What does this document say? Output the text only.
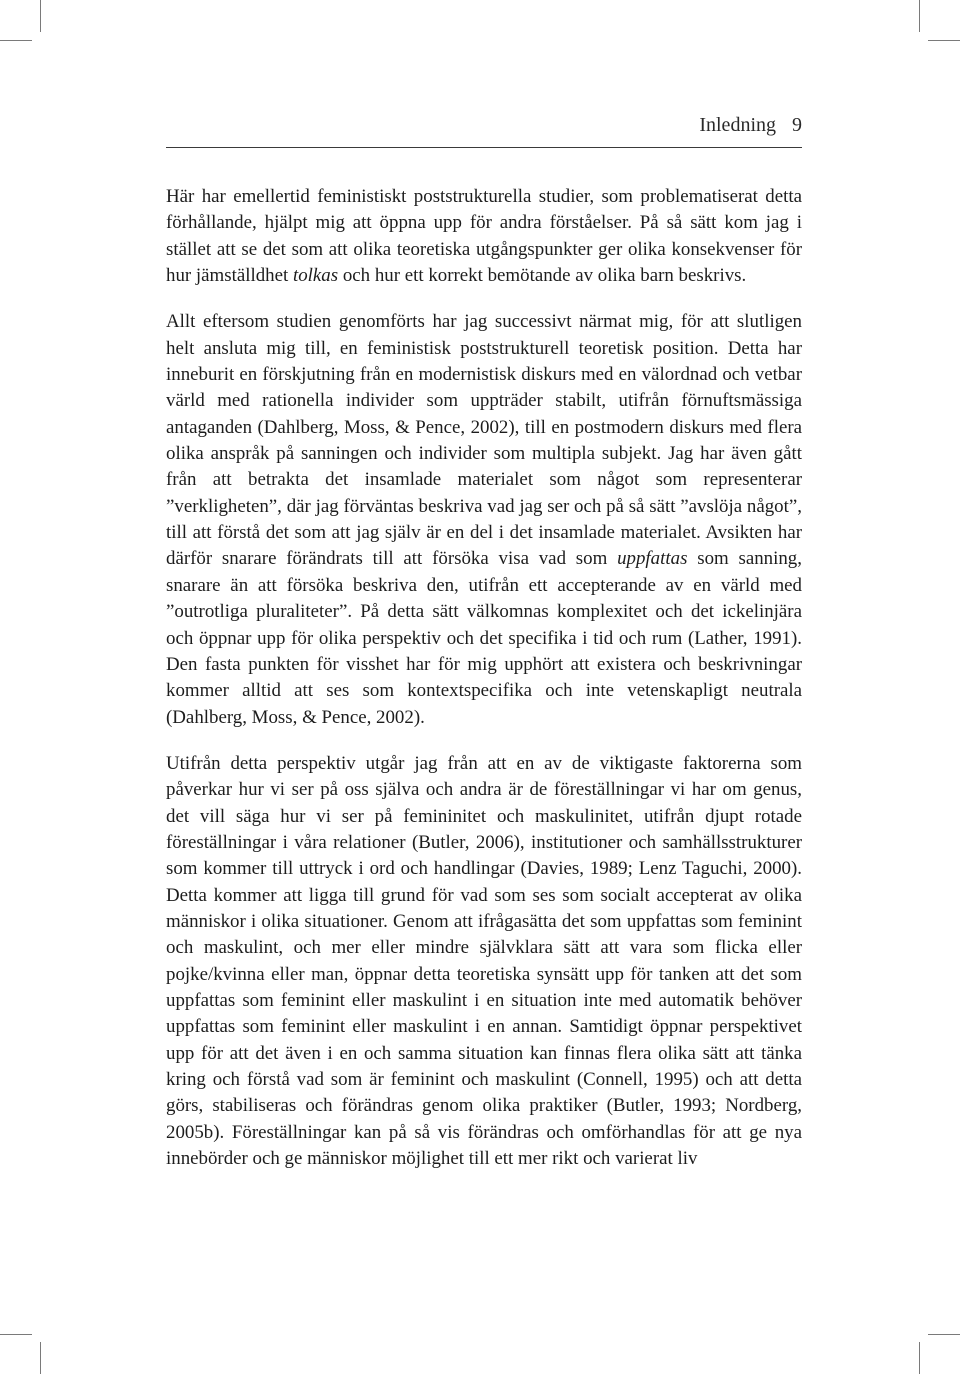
Inledning 9

Här har emellertid feministiskt poststrukturella studier, som problematiserat detta förhållande, hjälpt mig att öppna upp för andra förståelser. På så sätt kom jag i stället att se det som att olika teoretiska utgångspunkter ger olika konsekvenser för hur jämställdhet tolkas och hur ett korrekt bemötande av olika barn beskrivs.

Allt eftersom studien genomförts har jag successivt närmat mig, för att slutligen helt ansluta mig till, en feministisk poststrukturell teoretisk position. Detta har inneburit en förskjutning från en modernistisk diskurs med en välordnad och vetbar värld med rationella individer som uppträder stabilt, utifrån förnuftsmässiga antaganden (Dahlberg, Moss, & Pence, 2002), till en postmodern diskurs med flera olika anspråk på sanningen och individer som multipla subjekt. Jag har även gått från att betrakta det insamlade materialet som något som representerar ”verkligheten”, där jag förväntas beskriva vad jag ser och på så sätt ”avslöja något”, till att förstå det som att jag själv är en del i det insamlade materialet. Avsikten har därför snarare förändrats till att försöka visa vad som uppfattas som sanning, snarare än att försöka beskriva den, utifrån ett accepterande av en värld med ”outrotliga pluraliteter”. På detta sätt välkomnas komplexitet och det ickelinjära och öppnar upp för olika perspektiv och det specifika i tid och rum (Lather, 1991). Den fasta punkten för visshet har för mig upphört att existera och beskrivningar kommer alltid att ses som kontextspecifika och inte vetenskapligt neutrala (Dahlberg, Moss, & Pence, 2002).

Utifrån detta perspektiv utgår jag från att en av de viktigaste faktorerna som påverkar hur vi ser på oss själva och andra är de föreställningar vi har om genus, det vill säga hur vi ser på femininitet och maskulinitet, utifrån djupt rotade föreställningar i våra relationer (Butler, 2006), institutioner och samhällsstrukturer som kommer till uttryck i ord och handlingar (Davies, 1989; Lenz Taguchi, 2000). Detta kommer att ligga till grund för vad som ses som socialt accepterat av olika människor i olika situationer. Genom att ifrågasätta det som uppfattas som feminint och maskulint, och mer eller mindre självklara sätt att vara som flicka eller pojke/kvinna eller man, öppnar detta teoretiska synsätt upp för tanken att det som uppfattas som feminint eller maskulint i en situation inte med automatik behöver uppfattas som feminint eller maskulint i en annan. Samtidigt öppnar perspektivet upp för att det även i en och samma situation kan finnas flera olika sätt att tänka kring och förstå vad som är feminint och maskulint (Connell, 1995) och att detta görs, stabiliseras och förändras genom olika praktiker (Butler, 1993; Nordberg, 2005b). Föreställningar kan på så vis förändras och omförhandlas för att ge nya innebörder och ge människor möjlighet till ett mer rikt och varierat liv
